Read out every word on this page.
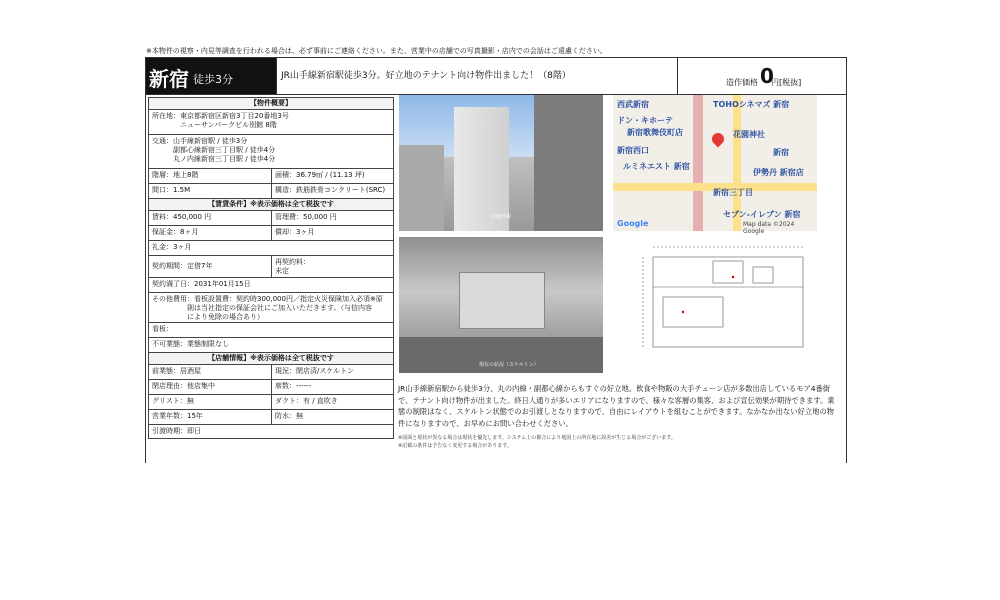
※本物件の視察・内見等調査を行われる場合は、必ず事前にご連絡ください。また、営業中の店舗での写真撮影・店内での会話はご遠慮ください。
新宿 徒歩3分	JR山手線新宿駅徒歩3分。好立地のテナント向け物件出ました！（8階）
造作価格 0
円[税抜]
【物件概要】
所在地：東京都新宿区新宿3丁目20番地3号
　　　　ニューサンパークビル別館 8階
交通：山手線新宿駅 / 徒歩3分
　　　副都心線新宿三丁目駅 / 徒歩4分
　　　丸ノ内線新宿三丁目駅 / 徒歩4分
階層：地上8階	面積：36.79㎡ / (11.13 坪)
間口：1.5M	構造：鉄筋鉄骨コンクリート(SRC)
【賃貸条件】※表示価格は全て税抜です
賃料：450,000 円	管理費：50,000 円
保証金：8ヶ月	償却：3ヶ月
礼金：3ヶ月
契約期間：定借7年	再契約料：
未定
契約満了日：2031年01月15日
その他費用：看板設置費：契約時300,000円／指定火災保険加入必須※原
　　　　　則は当社指定の保証会社にご加入いただきます。（与信内容
　　　　　により免除の場合あり）
看板：
不可業態：業態制限なし
【店舗情報】※表示価格は全て税抜です
前業態：居酒屋	現況：閉店済/スケルトン
閉店理由：他店集中	席数：------
グリスト：無	ダクト：有 / 直吹き
営業年数：15年	防水：無
引渡時期：即日
店舗外観
西武新宿	TOHOシネマズ 新宿
ドン・キホーテ
新宿歌舞伎町店	花園神社
新宿西口
ルミネエスト 新宿
新宿
伊勢丹 新宿店
新宿三丁目
セブン-イレブン 新宿
Google	Map data ©2024 Google
現在の状況（スケルトン）
JR山手線新宿駅から徒歩3分、丸の内線・副都心線からもすぐの好立地。飲食や物販の大手チェーン店が多数出店しているモア4番街で、テナント向け物件が出ました。終日人通りが多いエリアになりますので、様々な客層の集客、および宣伝効果が期待できます。業態の制限はなく、スケルトン状態でのお引渡しとなりますので、自由にレイアウトを組むことができます。なかなか出ない好立地の物件になりますので、お早めにお問い合わせください。
※図面と現状が異なる場合は現状を優先します。システム上の都合により地図上の所在地に誤差が生じる場合がございます。
※記載の条件は予告なく変更する場合があります。
